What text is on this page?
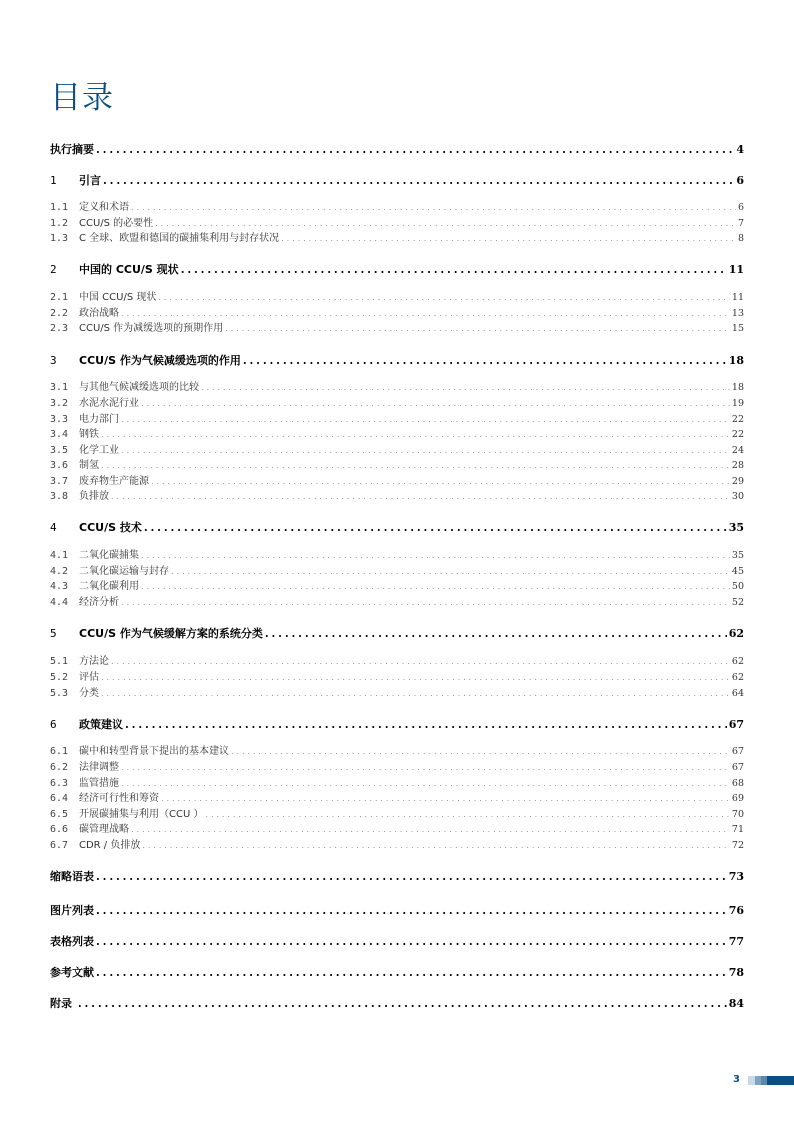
目录
执行摘要 . . .	4
1	引言 . . .	6
1.1	定义和术语 . . .	6
1.2	CCU/S 的必要性 . . .	7
1.3	C 全球、欧盟和德国的碳捕集利用与封存状况 . . .	8
2	中国的 CCU/S 现状 . . .	11
2.1	中国 CCU/S 现状 . . .	11
2.2	政治战略 . . .	13
2.3	CCU/S 作为减缓选项的预期作用 . . .	15
3	CCU/S 作为气候减缓选项的作用 . . .	18
3.1	与其他气候减缓选项的比较 . . .	18
3.2	水泥水泥行业 . . .	19
3.3	电力部门 . . .	22
3.4	钢铁 . . .	22
3.5	化学工业 . . .	24
3.6	制氢 . . .	28
3.7	废弃物生产能源 . . .	29
3.8	负排放 . . .	30
4	CCU/S 技术 . . .	35
4.1	二氧化碳捕集 . . .	35
4.2	二氧化碳运输与封存 . . .	45
4.3	二氧化碳利用 . . .	50
4.4	经济分析 . . .	52
5	CCU/S 作为气候缓解方案的系统分类 . . .	62
5.1	方法论 . . .	62
5.2	评估 . . .	62
5.3	分类 . . .	64
6	政策建议 . . .	67
6.1	碳中和转型背景下提出的基本建议 . . .	67
6.2	法律调整 . . .	67
6.3	监管措施 . . .	68
6.4	经济可行性和筹资 . . .	69
6.5	开展碳捕集与利用（CCU ） . . .	70
6.6	碳管理战略 . . .	71
6.7	CDR / 负排放 . . .	72
缩略语表 . . .	73
图片列表 . . .	76
表格列表 . . .	77
参考文献 . . .	78
附录 . . .	84
3
